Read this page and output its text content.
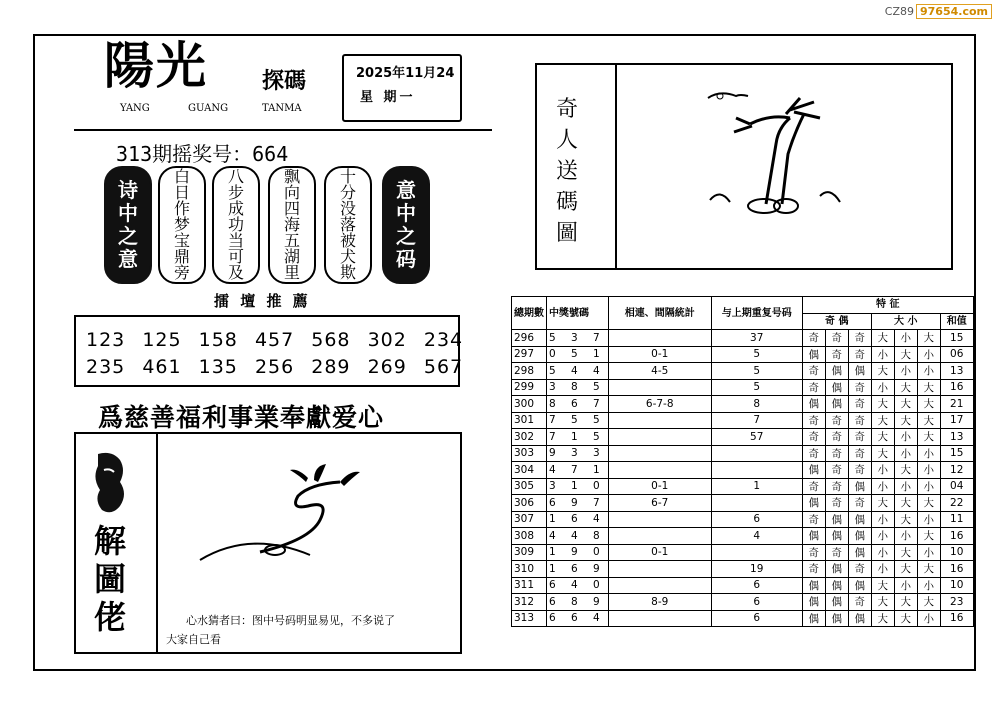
CZ89 97654.com
陽光 探碼
YANG	GUANG	TANMA
2025年11月24
星 期一
313期摇奖号：664
诗
中
之
意
白
日
作
梦
宝
鼎
旁
八
步
成
功
当
可
及
飘
向
四
海
五
湖
里
十
分
没
落
被
犬
欺
意
中
之
码
擂 壇 推 薦
123 125 158 457 568 302 234
235 461 135 256 289 269 567
爲慈善福利事業奉獻爱心
解
圖
佬	心水猜者曰：图中号码明显易见，不多说了
大家自己看
奇
人
送
碼
圖
總期數	中獎號碼	相連、間隔統計	与上期重复号码	特 征						
				奇 偶			大 小			和值
296	5 3 7		37	奇	奇	奇	大	小	大	15
297	0 5 1	0-1	5	偶	奇	奇	小	大	小	06
298	5 4 4	4-5	5	奇	偶	偶	大	小	小	13
299	3 8 5		5	奇	偶	奇	小	大	大	16
300	8 6 7	6-7-8	8	偶	偶	奇	大	大	大	21
301	7 5 5		7	奇	奇	奇	大	大	大	17
302	7 1 5		57	奇	奇	奇	大	小	大	13
303	9 3 3			奇	奇	奇	大	小	小	15
304	4 7 1			偶	奇	奇	小	大	小	12
305	3 1 0	0-1	1	奇	奇	偶	小	小	小	04
306	6 9 7	6-7		偶	奇	奇	大	大	大	22
307	1 6 4		6	奇	偶	偶	小	大	小	11
308	4 4 8		4	偶	偶	偶	小	小	大	16
309	1 9 0	0-1		奇	奇	偶	小	大	小	10
310	1 6 9		19	奇	偶	奇	小	大	大	16
311	6 4 0		6	偶	偶	偶	大	小	小	10
312	6 8 9	8-9	6	偶	偶	奇	大	大	大	23
313	6 6 4		6	偶	偶	偶	大	大	小	16
